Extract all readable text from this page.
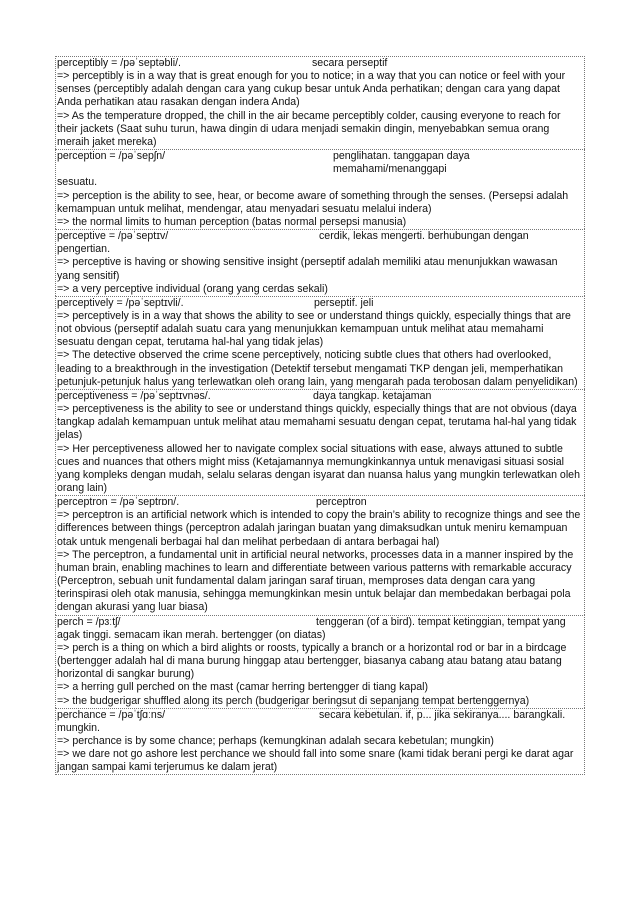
perceptibly = /pəˈseptəbli/.	secara perseptif
=> perceptibly is in a way that is great enough for you to notice; in a way that you can notice or feel with your senses (perceptibly adalah dengan cara yang cukup besar untuk Anda perhatikan; dengan cara yang dapat Anda perhatikan atau rasakan dengan indera Anda)
=> As the temperature dropped, the chill in the air became perceptibly colder, causing everyone to reach for their jackets (Saat suhu turun, hawa dingin di udara menjadi semakin dingin, menyebabkan semua orang meraih jaket mereka)
perception = /pəˈsepʃn/	penglihatan. tanggapan daya memahami/menanggapi
sesuatu.
=> perception is the ability to see, hear, or become aware of something through the senses. (Persepsi adalah kemampuan untuk melihat, mendengar, atau menyadari sesuatu melalui indera)
=> the normal limits to human perception (batas normal persepsi manusia)
perceptive = /pəˈseptɪv/	cerdik, lekas mengerti. berhubungan dengan
pengertian.
=> perceptive is having or showing sensitive insight (perseptif adalah memiliki atau menunjukkan wawasan yang sensitif)
=> a very perceptive individual (orang yang cerdas sekali)
perceptively = /pəˈseptɪvli/.	perseptif. jeli
=> perceptively is in a way that shows the ability to see or understand things quickly, especially things that are not obvious (perseptif adalah suatu cara yang menunjukkan kemampuan untuk melihat atau memahami sesuatu dengan cepat, terutama hal-hal yang tidak jelas)
=> The detective observed the crime scene perceptively, noticing subtle clues that others had overlooked, leading to a breakthrough in the investigation (Detektif tersebut mengamati TKP dengan jeli, memperhatikan petunjuk-petunjuk halus yang terlewatkan oleh orang lain, yang mengarah pada terobosan dalam penyelidikan)
perceptiveness = /pəˈseptɪvnəs/.	daya tangkap. ketajaman
=> perceptiveness is the ability to see or understand things quickly, especially things that are not obvious (daya tangkap adalah kemampuan untuk melihat atau memahami sesuatu dengan cepat, terutama hal-hal yang tidak jelas)
=> Her perceptiveness allowed her to navigate complex social situations with ease, always attuned to subtle cues and nuances that others might miss (Ketajamannya memungkinkannya untuk menavigasi situasi sosial yang kompleks dengan mudah, selalu selaras dengan isyarat dan nuansa halus yang mungkin terlewatkan oleh orang lain)
perceptron = /pəˈseptrɒn/.	perceptron
=> perceptron is an artificial network which is intended to copy the brain’s ability to recognize things and see the differences between things (perceptron adalah jaringan buatan yang dimaksudkan untuk meniru kemampuan otak untuk mengenali berbagai hal dan melihat perbedaan di antara berbagai hal)
=> The perceptron, a fundamental unit in artificial neural networks, processes data in a manner inspired by the human brain, enabling machines to learn and differentiate between various patterns with remarkable accuracy (Perceptron, sebuah unit fundamental dalam jaringan saraf tiruan, memproses data dengan cara yang terinspirasi oleh otak manusia, sehingga memungkinkan mesin untuk belajar dan membedakan berbagai pola dengan akurasi yang luar biasa)
perch = /pɜːtʃ/	tenggeran (of a bird). tempat ketinggian, tempat yang
agak tinggi. semacam ikan merah. bertengger (on diatas)
=> perch is a thing on which a bird alights or roosts, typically a branch or a horizontal rod or bar in a birdcage (bertengger adalah hal di mana burung hinggap atau bertengger, biasanya cabang atau batang atau batang horizontal di sangkar burung)
=> a herring gull perched on the mast (camar herring bertengger di tiang kapal)
=> the budgerigar shuffled along its perch (budgerigar beringsut di sepanjang tempat bertenggernya)
perchance = /pəˈtʃɑːns/	secara kebetulan. if, p... jika sekiranya.... barangkali.
mungkin.
=> perchance is by some chance; perhaps (kemungkinan adalah secara kebetulan; mungkin)
=> we dare not go ashore lest perchance we should fall into some snare (kami tidak berani pergi ke darat agar jangan sampai kami terjerumus ke dalam jerat)
